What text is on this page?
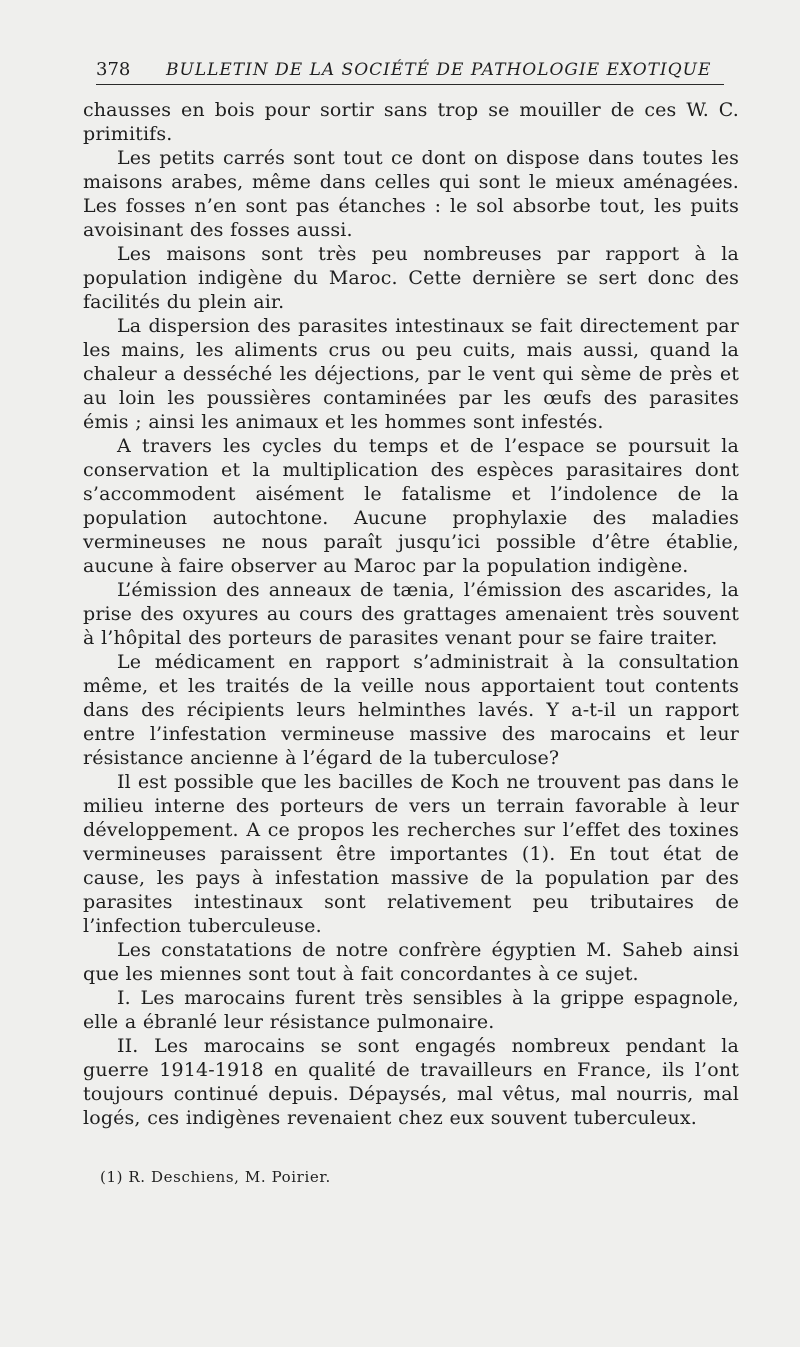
378 BULLETIN DE LA SOCIÉTÉ DE PATHOLOGIE EXOTIQUE

chausses en bois pour sortir sans trop se mouiller de ces W. C. primitifs.

Les petits carrés sont tout ce dont on dispose dans toutes les maisons arabes, même dans celles qui sont le mieux aménagées. Les fosses n’en sont pas étanches : le sol absorbe tout, les puits avoisinant des fosses aussi.

Les maisons sont très peu nombreuses par rapport à la population indigène du Maroc. Cette dernière se sert donc des facilités du plein air.

La dispersion des parasites intestinaux se fait directement par les mains, les aliments crus ou peu cuits, mais aussi, quand la chaleur a desséché les déjections, par le vent qui sème de près et au loin les poussières contaminées par les œufs des parasites émis ; ainsi les animaux et les hommes sont infestés.

A travers les cycles du temps et de l’espace se poursuit la conservation et la multiplication des espèces parasitaires dont s’accommodent aisément le fatalisme et l’indolence de la population autochtone. Aucune prophylaxie des maladies vermineuses ne nous paraît jusqu’ici possible d’être établie, aucune à faire observer au Maroc par la population indigène.

L’émission des anneaux de tænia, l’émission des ascarides, la prise des oxyures au cours des grattages amenaient très souvent à l’hôpital des porteurs de parasites venant pour se faire traiter.

Le médicament en rapport s’administrait à la consultation même, et les traités de la veille nous apportaient tout contents dans des récipients leurs helminthes lavés. Y a-t-il un rapport entre l’infestation vermineuse massive des marocains et leur résistance ancienne à l’égard de la tuberculose?

Il est possible que les bacilles de Koch ne trouvent pas dans le milieu interne des porteurs de vers un terrain favorable à leur développement. A ce propos les recherches sur l’effet des toxines vermineuses paraissent être importantes (1). En tout état de cause, les pays à infestation massive de la population par des parasites intestinaux sont relativement peu tributaires de l’infection tuberculeuse.

Les constatations de notre confrère égyptien M. Saheb ainsi que les miennes sont tout à fait concordantes à ce sujet.

I. Les marocains furent très sensibles à la grippe espagnole, elle a ébranlé leur résistance pulmonaire.

II. Les marocains se sont engagés nombreux pendant la guerre 1914-1918 en qualité de travailleurs en France, ils l’ont toujours continué depuis. Dépaysés, mal vêtus, mal nourris, mal logés, ces indigènes revenaient chez eux souvent tuberculeux.

(1) R. Deschiens, M. Poirier.
